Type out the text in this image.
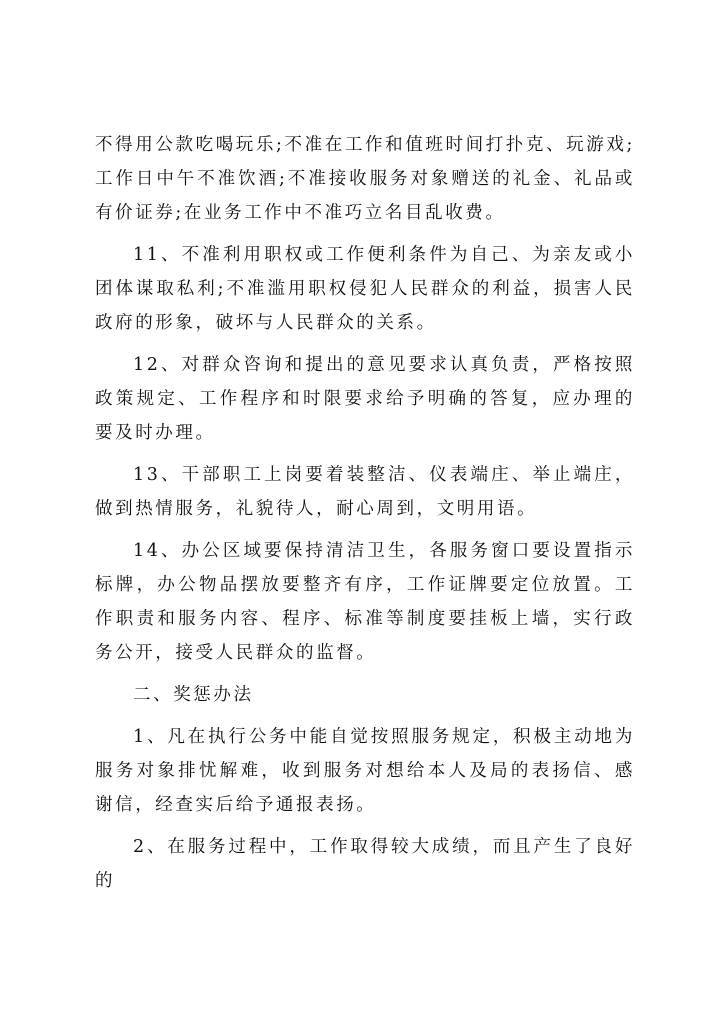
不得用公款吃喝玩乐;不准在工作和值班时间打扑克、玩游戏;工作日中午不准饮酒;不准接收服务对象赠送的礼金、礼品或有价证券;在业务工作中不准巧立名目乱收费。

11、不准利用职权或工作便利条件为自己、为亲友或小团体谋取私利;不准滥用职权侵犯人民群众的利益，损害人民政府的形象，破坏与人民群众的关系。

12、对群众咨询和提出的意见要求认真负责，严格按照政策规定、工作程序和时限要求给予明确的答复，应办理的要及时办理。

13、干部职工上岗要着装整洁、仪表端庄、举止端庄，做到热情服务，礼貌待人，耐心周到，文明用语。

14、办公区域要保持清洁卫生，各服务窗口要设置指示标牌，办公物品摆放要整齐有序，工作证牌要定位放置。工作职责和服务内容、程序、标准等制度要挂板上墙，实行政务公开，接受人民群众的监督。

二、奖惩办法

1、凡在执行公务中能自觉按照服务规定，积极主动地为服务对象排忧解难，收到服务对想给本人及局的表扬信、感谢信，经查实后给予通报表扬。

2、在服务过程中，工作取得较大成绩，而且产生了良好的
